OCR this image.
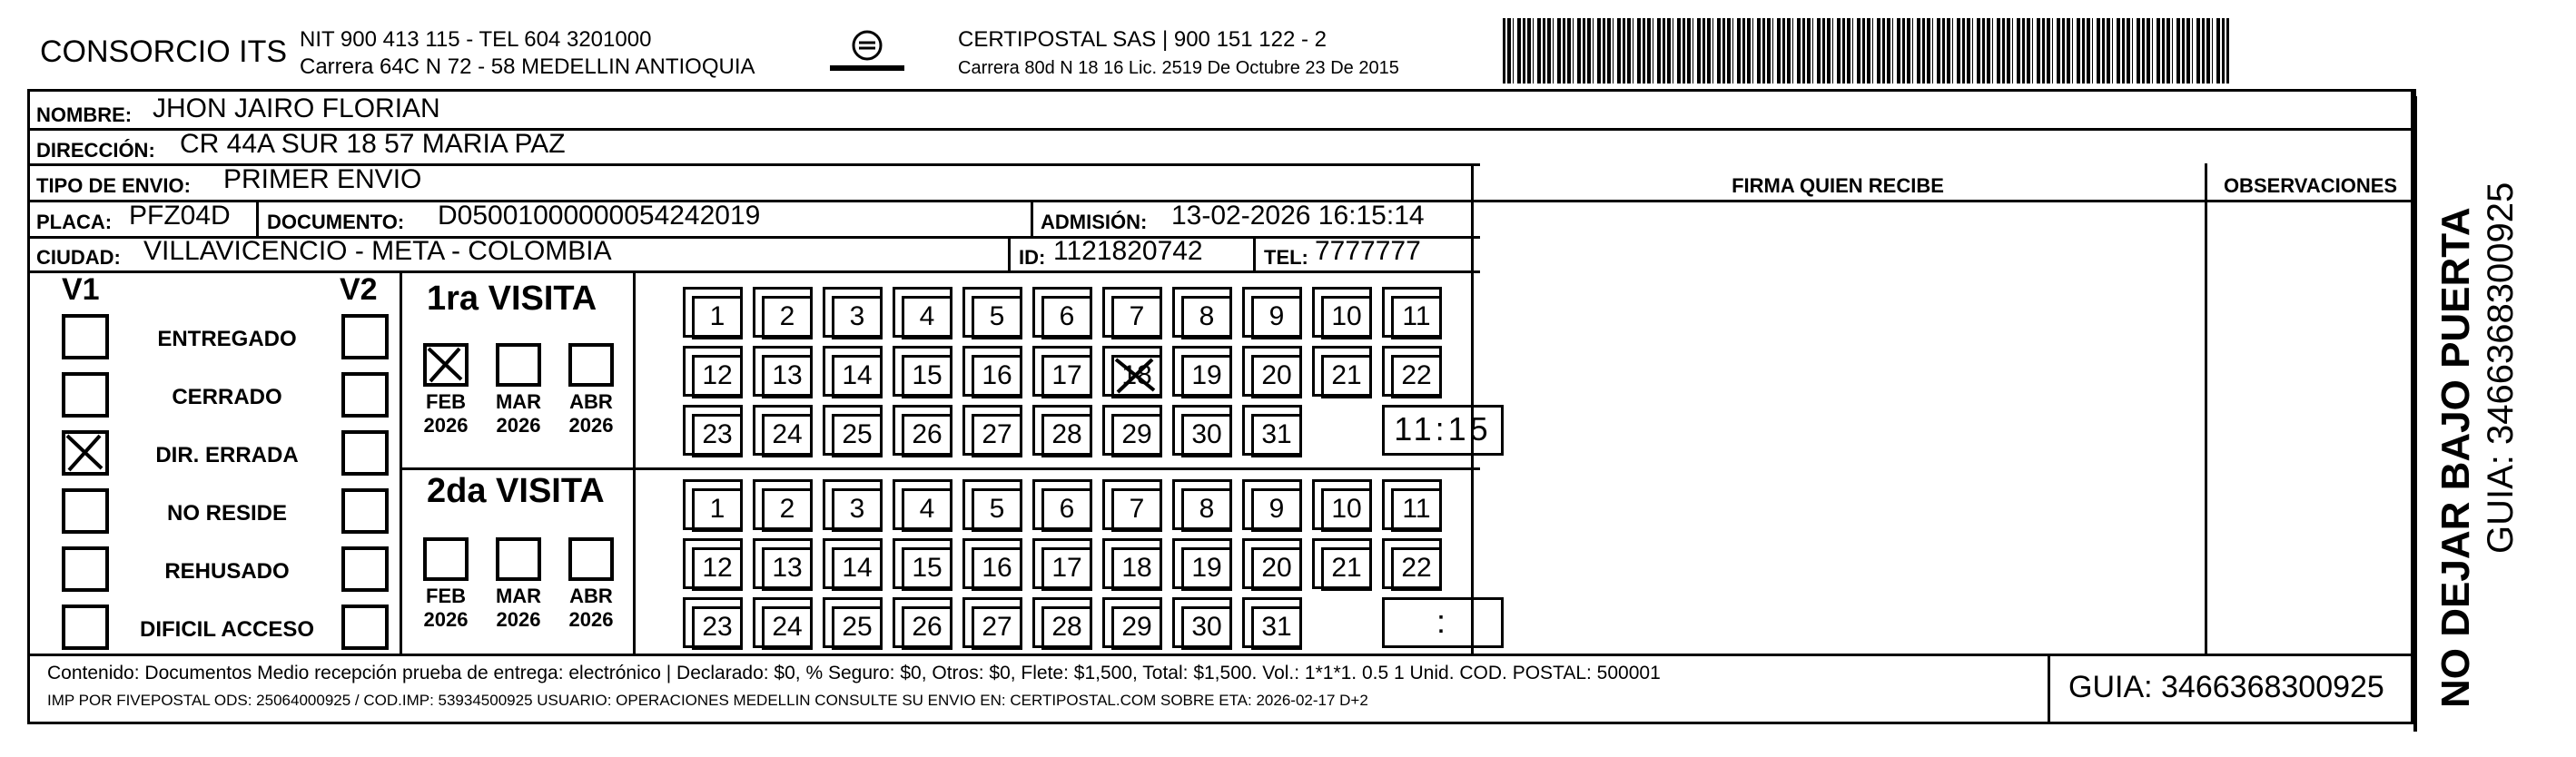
CONSORCIO ITS NIT 900 413 115 - TEL 604 3201000
Carrera 64C N 72 - 58 MEDELLIN ANTIOQUIA
CERTIPOSTAL SAS | 900 151 122 - 2
Carrera 80d N 18 16 Lic. 2519 De Octubre 23 De 2015
NOMBRE: JHON JAIRO FLORIAN
DIRECCIÓN: CR 44A SUR 18 57 MARIA PAZ
TIPO DE ENVIO: PRIMER ENVIO
PLACA: PFZ04D DOCUMENTO: D05001000000054242019	ADMISIÓN: 13-02-2026 16:15:14
CIUDAD: VILLAVICENCIO - META - COLOMBIA	ID: 1121820742	TEL: 7777777
FIRMA QUIEN RECIBE	OBSERVACIONES
V1	V2
ENTREGADO
CERRADO
DIR. ERRADA
NO RESIDE
REHUSADO
DIFICIL ACCESO
1ra VISITA
FEB
2026
MAR
2026
ABR
2026
1	2	3	4	5	6	7	8	9	10	11
12	13	14	15	16	17	18	19	20	21	22
23	24	25	26	27	28	29	30	31	11:15
2da VISITA
FEB
2026
MAR
2026
ABR
2026
1	2	3	4	5	6	7	8	9	10	11
12	13	14	15	16	17	18	19	20	21	22
23	24	25	26	27	28	29	30	31	:
Contenido: Documentos Medio recepción prueba de entrega: electrónico | Declarado: $0, % Seguro: $0, Otros: $0, Flete: $1,500, Total: $1,500. Vol.: 1*1*1. 0.5 1 Unid. COD. POSTAL: 500001
IMP POR FIVEPOSTAL ODS: 25064000925 / COD.IMP: 53934500925 USUARIO: OPERACIONES MEDELLIN CONSULTE SU ENVIO EN: CERTIPOSTAL.COM SOBRE ETA: 2026-02-17 D+2	GUIA: 3466368300925 NO DEJAR BAJO PUERTA GUIA: 3466368300925
